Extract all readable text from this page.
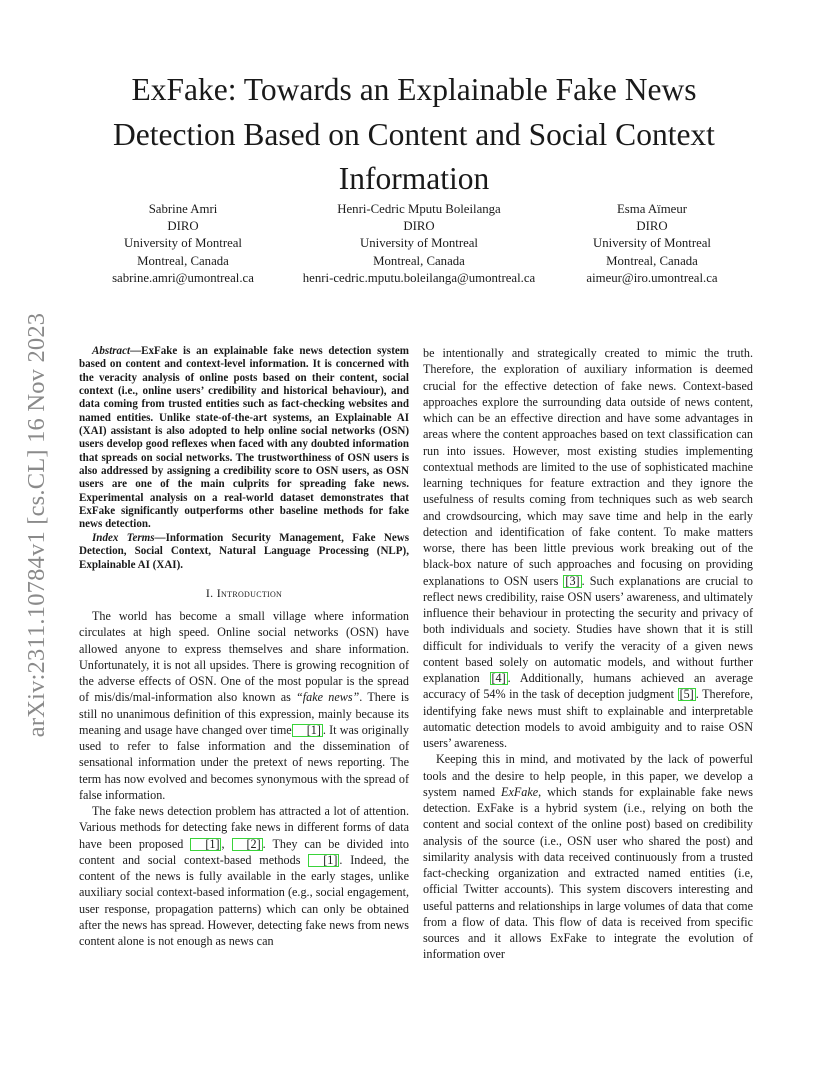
arXiv:2311.10784v1 [cs.CL] 16 Nov 2023
ExFake: Towards an Explainable Fake News Detection Based on Content and Social Context Information
Sabrine Amri
DIRO
University of Montreal
Montreal, Canada
sabrine.amri@umontreal.ca
Henri-Cedric Mputu Boleilanga
DIRO
University of Montreal
Montreal, Canada
henri-cedric.mputu.boleilanga@umontreal.ca
Esma Aïmeur
DIRO
University of Montreal
Montreal, Canada
aimeur@iro.umontreal.ca

Abstract—ExFake is an explainable fake news detection system based on content and context-level information. It is concerned with the veracity analysis of online posts based on their content, social context (i.e., online users’ credibility and historical behaviour), and data coming from trusted entities such as fact-checking websites and named entities. Unlike state-of-the-art systems, an Explainable AI (XAI) assistant is also adopted to help online social networks (OSN) users develop good reflexes when faced with any doubted information that spreads on social networks. The trustworthiness of OSN users is also addressed by assigning a credibility score to OSN users, as OSN users are one of the main culprits for spreading fake news. Experimental analysis on a real-world dataset demonstrates that ExFake significantly outperforms other baseline methods for fake news detection.

Index Terms—Information Security Management, Fake News Detection, Social Context, Natural Language Processing (NLP), Explainable AI (XAI).

I. Introduction

The world has become a small village where information circulates at high speed. Online social networks (OSN) have allowed anyone to express themselves and share information. Unfortunately, it is not all upsides. There is growing recognition of the adverse effects of OSN. One of the most popular is the spread of mis/dis/mal-information also known as “fake news”. There is still no unanimous definition of this expression, mainly because its meaning and usage have changed over time [1] . It was originally used to refer to false information and the dissemination of sensational information under the pretext of news reporting. The term has now evolved and becomes synonymous with the spread of false information.

The fake news detection problem has attracted a lot of attention. Various methods for detecting fake news in different forms of data have been proposed [1] , [2] . They can be divided into content and social context-based methods [1] . Indeed, the content of the news is fully available in the early stages, unlike auxiliary social context-based information (e.g., social engagement, user response, propagation patterns) which can only be obtained after the news has spread. However, detecting fake news from news content alone is not enough as news can

be intentionally and strategically created to mimic the truth. Therefore, the exploration of auxiliary information is deemed crucial for the effective detection of fake news. Context-based approaches explore the surrounding data outside of news content, which can be an effective direction and have some advantages in areas where the content approaches based on text classification can run into issues. However, most existing studies implementing contextual methods are limited to the use of sophisticated machine learning techniques for feature extraction and they ignore the usefulness of results coming from techniques such as web search and crowdsourcing, which may save time and help in the early detection and identification of fake content. To make matters worse, there has been little previous work breaking out of the black-box nature of such approaches and focusing on providing explanations to OSN users [3] . Such explanations are crucial to reflect news credibility, raise OSN users’ awareness, and ultimately influence their behaviour in protecting the security and privacy of both individuals and society. Studies have shown that it is still difficult for individuals to verify the veracity of a given news content based solely on automatic models, and without further explanation [4] . Additionally, humans achieved an average accuracy of 54% in the task of deception judgment [5] . Therefore, identifying fake news must shift to explainable and interpretable automatic detection models to avoid ambiguity and to raise OSN users’ awareness.

Keeping this in mind, and motivated by the lack of powerful tools and the desire to help people, in this paper, we develop a system named ExFake, which stands for explainable fake news detection. ExFake is a hybrid system (i.e., relying on both the content and social context of the online post) based on credibility analysis of the source (i.e., OSN user who shared the post) and similarity analysis with data received continuously from a trusted fact-checking organization and extracted named entities (i.e, official Twitter accounts). This system discovers interesting and useful patterns and relationships in large volumes of data that come from a flow of data. This flow of data is received from specific sources and it allows ExFake to integrate the evolution of information over
